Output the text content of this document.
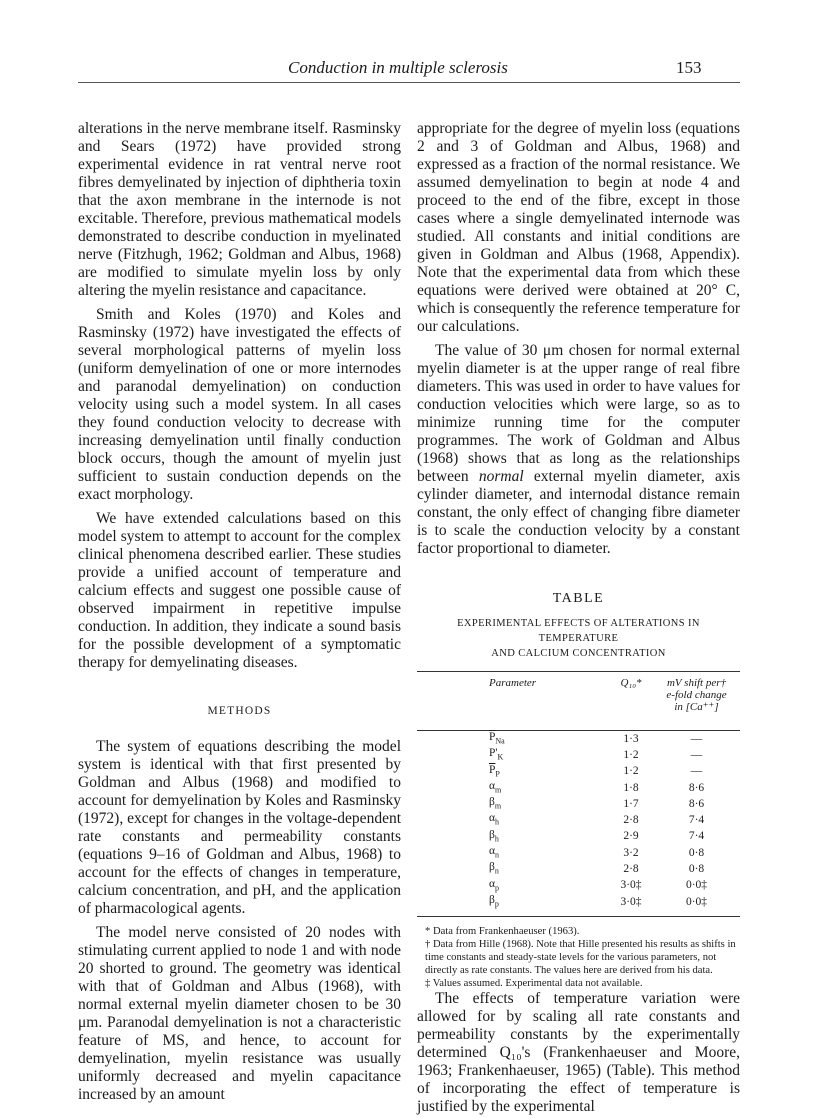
Conduction in multiple sclerosis	153

alterations in the nerve membrane itself. Rasminsky and Sears (1972) have provided strong experimental evidence in rat ventral nerve root fibres demyelinated by injection of diphtheria toxin that the axon membrane in the internode is not excitable. Therefore, previous mathematical models demonstrated to describe conduction in myelinated nerve (Fitzhugh, 1962; Goldman and Albus, 1968) are modified to simulate myelin loss by only altering the myelin resistance and capacitance.

Smith and Koles (1970) and Koles and Rasminsky (1972) have investigated the effects of several morphological patterns of myelin loss (uniform demyelination of one or more internodes and paranodal demyelination) on conduction velocity using such a model system. In all cases they found conduction velocity to decrease with increasing demyelination until finally conduction block occurs, though the amount of myelin just sufficient to sustain conduction depends on the exact morphology.

We have extended calculations based on this model system to attempt to account for the complex clinical phenomena described earlier. These studies provide a unified account of temperature and calcium effects and suggest one possible cause of observed impairment in repetitive impulse conduction. In addition, they indicate a sound basis for the possible development of a symptomatic therapy for demyelinating diseases.

METHODS

The system of equations describing the model system is identical with that first presented by Goldman and Albus (1968) and modified to account for demyelination by Koles and Rasminsky (1972), except for changes in the voltage-dependent rate constants and permeability constants (equations 9–16 of Goldman and Albus, 1968) to account for the effects of changes in temperature, calcium concentration, and pH, and the application of pharmacological agents.

The model nerve consisted of 20 nodes with stimulating current applied to node 1 and with node 20 shorted to ground. The geometry was identical with that of Goldman and Albus (1968), with normal external myelin diameter chosen to be 30 μm. Paranodal demyelination is not a characteristic feature of MS, and hence, to account for demyelination, myelin resistance was usually uniformly decreased and myelin capacitance increased by an amount

appropriate for the degree of myelin loss (equations 2 and 3 of Goldman and Albus, 1968) and expressed as a fraction of the normal resistance. We assumed demyelination to begin at node 4 and proceed to the end of the fibre, except in those cases where a single demyelinated internode was studied. All constants and initial conditions are given in Goldman and Albus (1968, Appendix). Note that the experimental data from which these equations were derived were obtained at 20° C, which is consequently the reference temperature for our calculations.

The value of 30 μm chosen for normal external myelin diameter is at the upper range of real fibre diameters. This was used in order to have values for conduction velocities which were large, so as to minimize running time for the computer programmes. The work of Goldman and Albus (1968) shows that as long as the relationships between normal external myelin diameter, axis cylinder diameter, and internodal distance remain constant, the only effect of changing fibre diameter is to scale the conduction velocity by a constant factor proportional to diameter.

TABLE
EXPERIMENTAL EFFECTS OF ALTERATIONS IN TEMPERATURE
AND CALCIUM CONCENTRATION
Parameter	Q₁₀*	mV shift per†
e-fold change
in [Ca⁺⁺]

$\overline{P}_{Na}$	1·3	—
$P'_K$	1·2	—
$\overline{P}_P$	1·2	—
$\alpha_m$	1·8	8·6
$\beta_m$	1·7	8·6
$\alpha_h$	2·8	7·4
$\beta_h$	2·9	7·4
$\alpha_n$	3·2	0·8
$\beta_n$	2·8	0·8
$\alpha_p$	3·0‡	0·0‡
$\beta_p$	3·0‡	0·0‡
* Data from Frankenhaeuser (1963).
† Data from Hille (1968). Note that Hille presented his results as shifts in time constants and steady-state levels for the various parameters, not directly as rate constants. The values here are derived from his data.
‡ Values assumed. Experimental data not available.

The effects of temperature variation were allowed for by scaling all rate constants and permeability constants by the experimentally determined Q₁₀'s (Frankenhaeuser and Moore, 1963; Frankenhaeuser, 1965) (Table). This method of incorporating the effect of temperature is justified by the experimental
